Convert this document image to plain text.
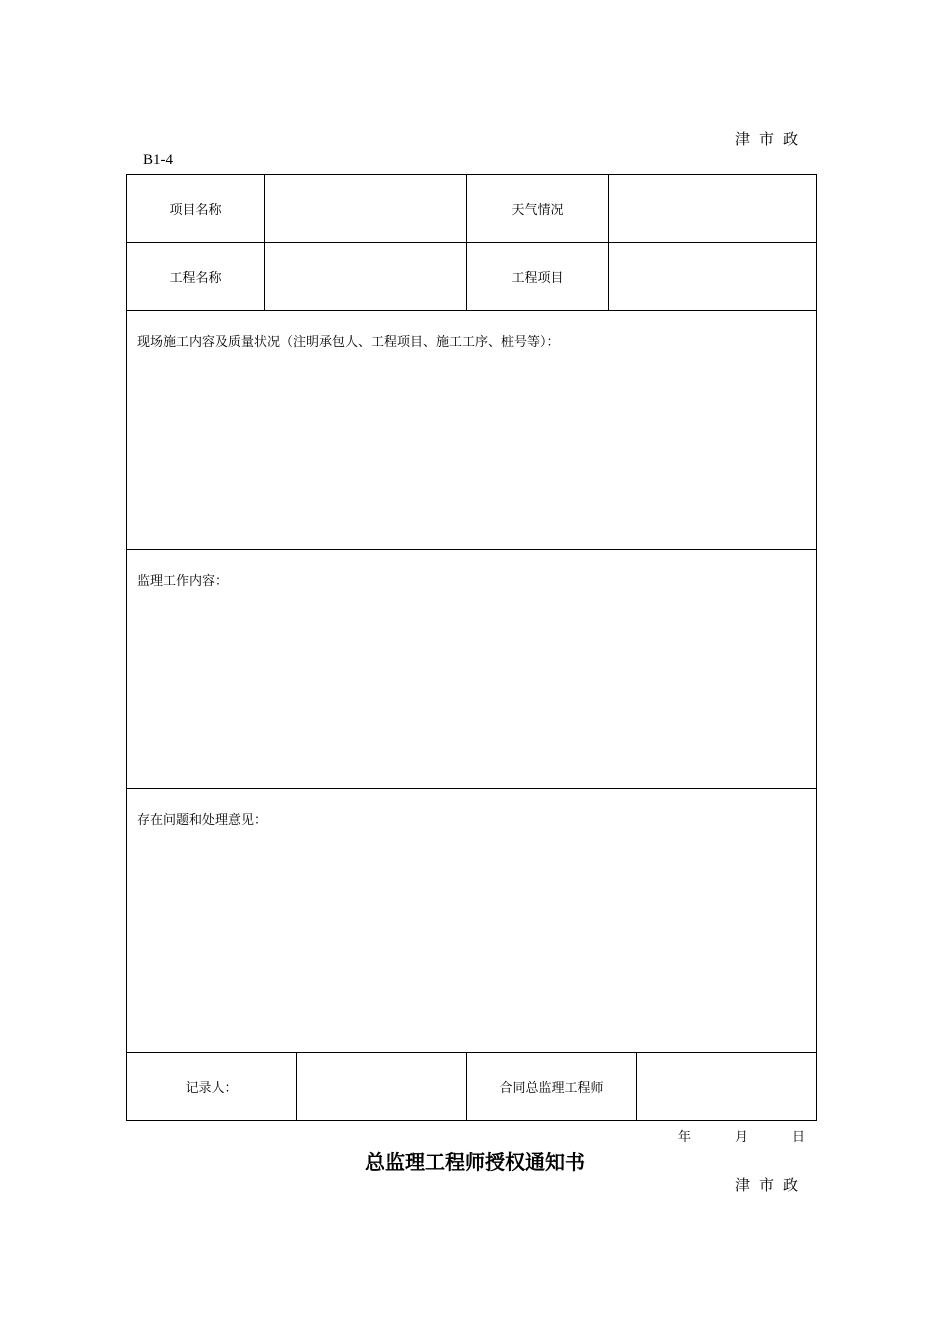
津市政
B1-4
项目名称			天气情况		
工程名称			工程项目		
现场施工内容及质量状况（注明承包人、工程项目、施工工序、桩号等）：					
监理工作内容：					
存在问题和处理意见：					
记录人：			合同总监理工程师		
年	月	日
总监理工程师授权通知书
津市政
